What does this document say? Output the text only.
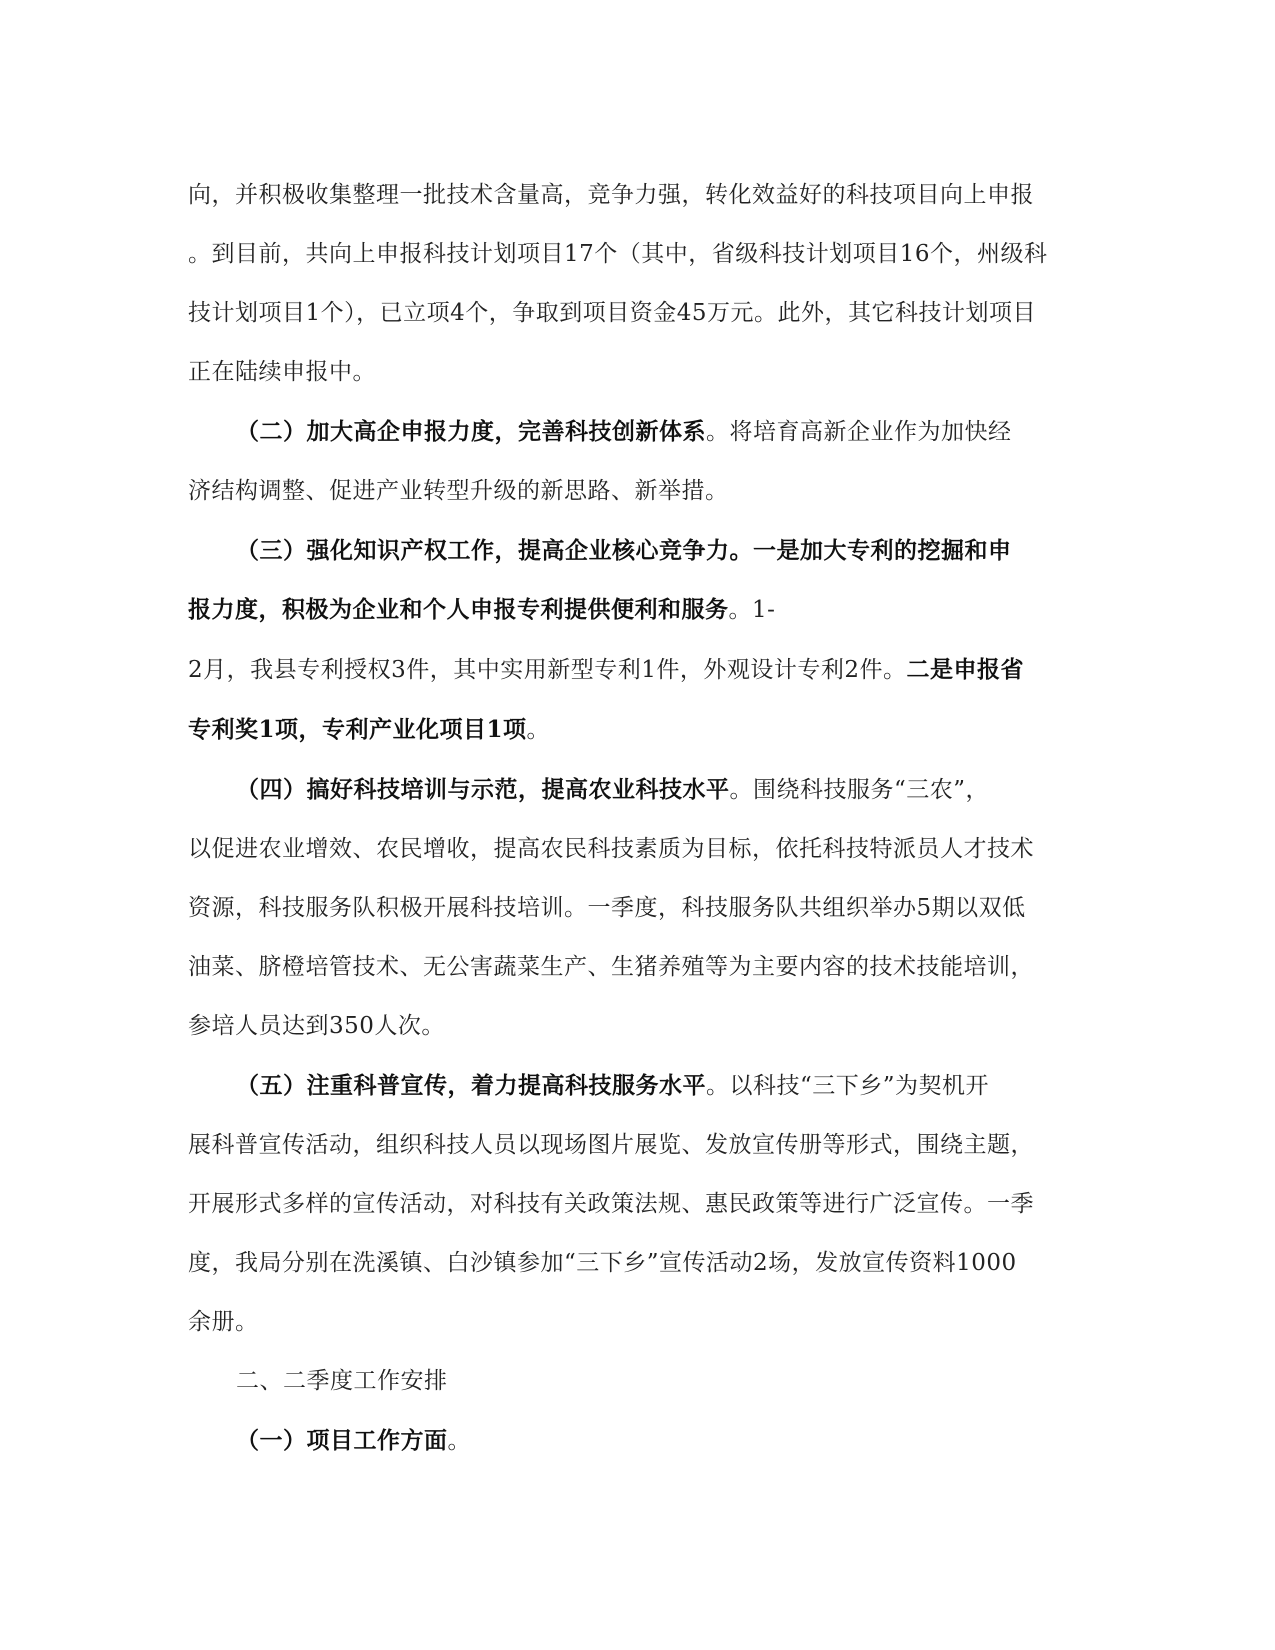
向，并积极收集整理一批技术含量高，竞争力强，转化效益好的科技项目向上申报
。到目前，共向上申报科技计划项目17个（其中，省级科技计划项目16个，州级科
技计划项目1个），已立项4个，争取到项目资金45万元。此外，其它科技计划项目
正在陆续申报中。
（二）加大高企申报力度，完善科技创新体系。将培育高新企业作为加快经
济结构调整、促进产业转型升级的新思路、新举措。
（三）强化知识产权工作，提高企业核心竞争力。一是加大专利的挖掘和申
报力度，积极为企业和个人申报专利提供便利和服务。1-
2月，我县专利授权3件，其中实用新型专利1件，外观设计专利2件。二是申报省
专利奖1项，专利产业化项目1项。
（四）搞好科技培训与示范，提高农业科技水平。围绕科技服务“三农”，
以促进农业增效、农民增收，提高农民科技素质为目标，依托科技特派员人才技术
资源，科技服务队积极开展科技培训。一季度，科技服务队共组织举办5期以双低
油菜、脐橙培管技术、无公害蔬菜生产、生猪养殖等为主要内容的技术技能培训，
参培人员达到350人次。
（五）注重科普宣传，着力提高科技服务水平。以科技“三下乡”为契机开
展科普宣传活动，组织科技人员以现场图片展览、发放宣传册等形式，围绕主题，
开展形式多样的宣传活动，对科技有关政策法规、惠民政策等进行广泛宣传。一季
度，我局分别在洗溪镇、白沙镇参加“三下乡”宣传活动2场，发放宣传资料1000
余册。
二、二季度工作安排
（一）项目工作方面。
